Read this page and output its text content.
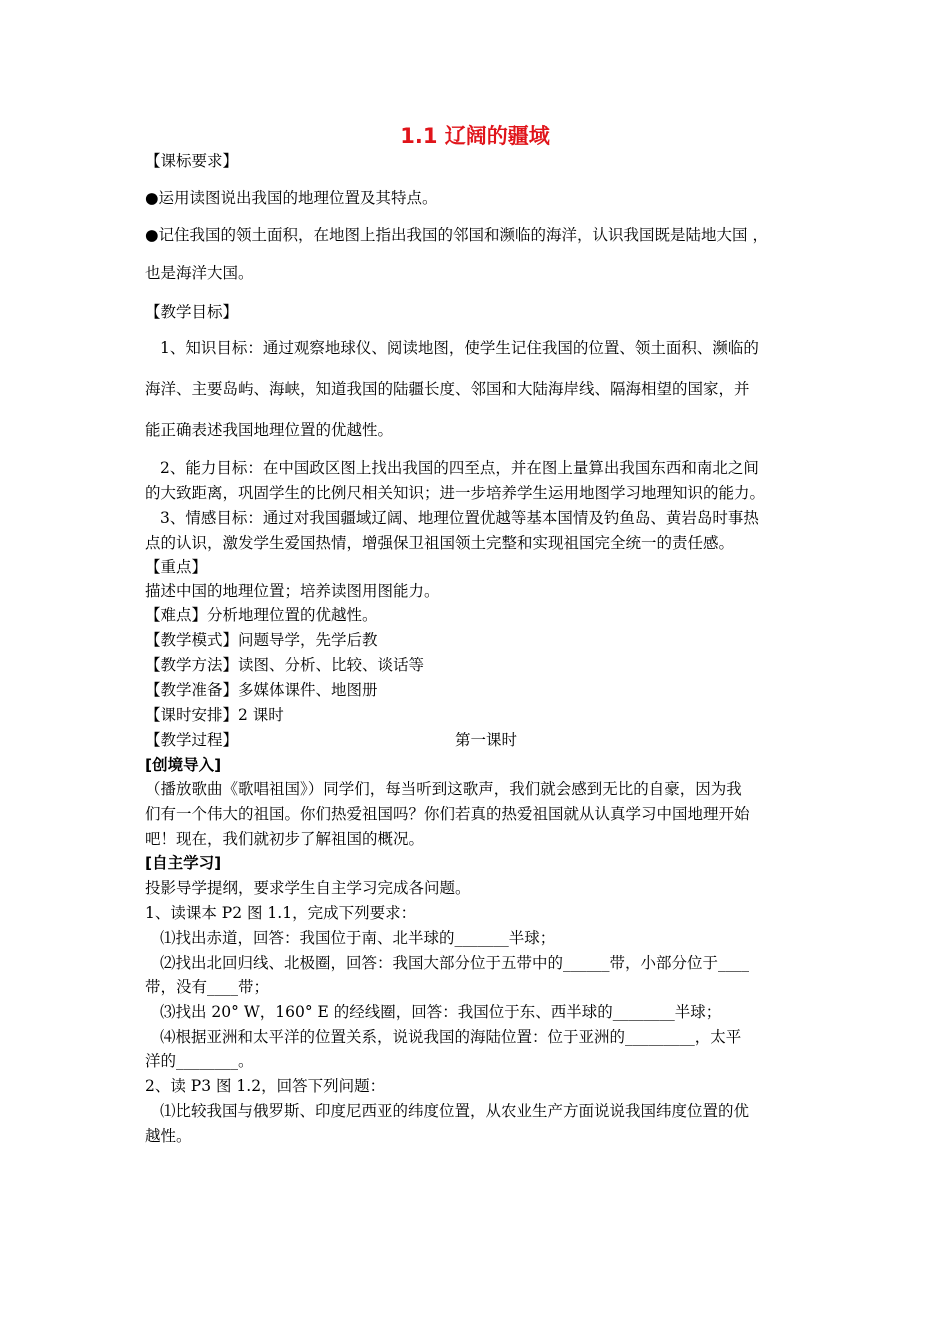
1.1 辽阔的疆域
【课标要求】
●运用读图说出我国的地理位置及其特点。
●记住我国的领土面积，在地图上指出我国的邻国和濒临的海洋，认识我国既是陆地大国 ，
也是海洋大国。
【教学目标】
1、知识目标：通过观察地球仪、阅读地图，使学生记住我国的位置、领土面积、濒临的
海洋、主要岛屿、海峡，知道我国的陆疆长度、邻国和大陆海岸线、隔海相望的国家，并
能正确表述我国地理位置的优越性。
2、能力目标：在中国政区图上找出我国的四至点，并在图上量算出我国东西和南北之间
的大致距离，巩固学生的比例尺相关知识；进一步培养学生运用地图学习地理知识的能力。
3、情感目标：通过对我国疆域辽阔、地理位置优越等基本国情及钓鱼岛、黄岩岛时事热
点的认识，激发学生爱国热情，增强保卫祖国领土完整和实现祖国完全统一的责任感。
【重点】
描述中国的地理位置；培养读图用图能力。
【难点】分析地理位置的优越性。
【教学模式】问题导学，先学后教
【教学方法】读图、分析、比较、谈话等
【教学准备】多媒体课件、地图册
【课时安排】2 课时
【教学过程】	第一课时
[创境导入]
（播放歌曲《歌唱祖国》）同学们，每当听到这歌声，我们就会感到无比的自豪，因为我
们有一个伟大的祖国。你们热爱祖国吗？你们若真的热爱祖国就从认真学习中国地理开始
吧！现在，我们就初步了解祖国的概况。
[自主学习]
投影导学提纲，要求学生自主学习完成各问题。
1、读课本 P2 图 1.1，完成下列要求：
⑴找出赤道，回答：我国位于南、北半球的_______半球；
⑵找出北回归线、北极圈，回答：我国大部分位于五带中的______带，小部分位于____
带，没有____带；
⑶找出 20° W，160° E 的经线圈，回答：我国位于东、西半球的________半球；
⑷根据亚洲和太平洋的位置关系，说说我国的海陆位置：位于亚洲的_________，太平
洋的________。
2、读 P3 图 1.2，回答下列问题：
⑴比较我国与俄罗斯、印度尼西亚的纬度位置，从农业生产方面说说我国纬度位置的优
越性。
